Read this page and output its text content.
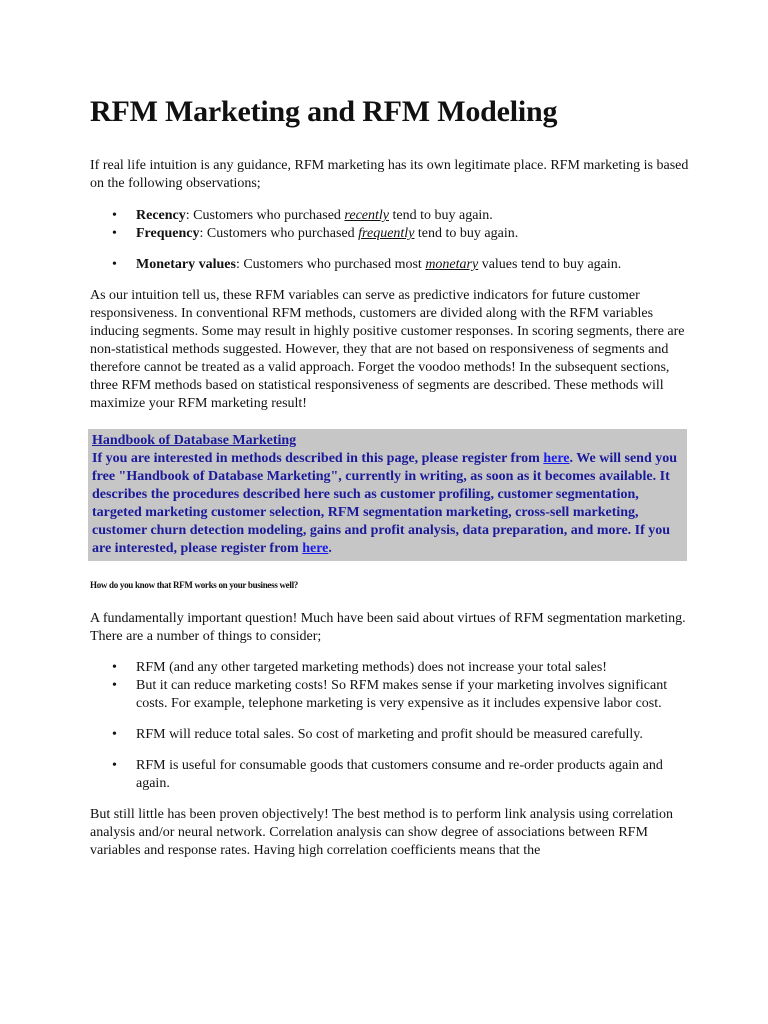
RFM Marketing and RFM Modeling

If real life intuition is any guidance, RFM marketing has its own legitimate place. RFM marketing is based on the following observations;

• Recency: Customers who purchased recently tend to buy again.
• Frequency: Customers who purchased frequently tend to buy again.
• Monetary values: Customers who purchased most monetary values tend to buy again.

As our intuition tell us, these RFM variables can serve as predictive indicators for future customer responsiveness. In conventional RFM methods, customers are divided along with the RFM variables inducing segments. Some may result in highly positive customer responses. In scoring segments, there are non-statistical methods suggested. However, they that are not based on responsiveness of segments and therefore cannot be treated as a valid approach. Forget the voodoo methods! In the subsequent sections, three RFM methods based on statistical responsiveness of segments are described. These methods will maximize your RFM marketing result!

Handbook of Database Marketing
If you are interested in methods described in this page, please register from here. We will send you free "Handbook of Database Marketing", currently in writing, as soon as it becomes available. It describes the procedures described here such as customer profiling, customer segmentation, targeted marketing customer selection, RFM segmentation marketing, cross-sell marketing, customer churn detection modeling, gains and profit analysis, data preparation, and more. If you are interested, please register from here.

How do you know that RFM works on your business well?

A fundamentally important question! Much have been said about virtues of RFM segmentation marketing. There are a number of things to consider;

• RFM (and any other targeted marketing methods) does not increase your total sales!
• But it can reduce marketing costs! So RFM makes sense if your marketing involves significant costs. For example, telephone marketing is very expensive as it includes expensive labor cost.
• RFM will reduce total sales. So cost of marketing and profit should be measured carefully.
• RFM is useful for consumable goods that customers consume and re-order products again and again.

But still little has been proven objectively! The best method is to perform link analysis using correlation analysis and/or neural network. Correlation analysis can show degree of associations between RFM variables and response rates. Having high correlation coefficients means that the
